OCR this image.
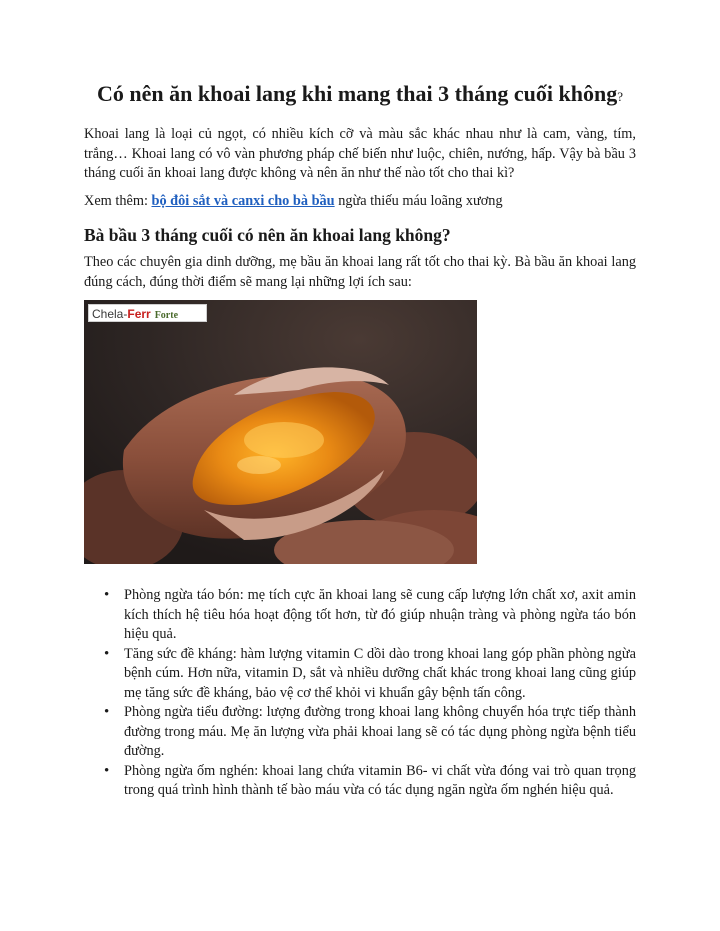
Có nên ăn khoai lang khi mang thai 3 tháng cuối không?

Khoai lang là loại củ ngọt, có nhiều kích cỡ và màu sắc khác nhau như là cam, vàng, tím, trắng… Khoai lang có vô vàn phương pháp chế biến như luộc, chiên, nướng, hấp. Vậy bà bầu 3 tháng cuối ăn khoai lang được không và nên ăn như thế nào tốt cho thai kì?

Xem thêm: bộ đôi sắt và canxi cho bà bầu ngừa thiếu máu loãng xương

Bà bầu 3 tháng cuối có nên ăn khoai lang không?

Theo các chuyên gia dinh dưỡng, mẹ bầu ăn khoai lang rất tốt cho thai kỳ. Bà bầu ăn khoai lang đúng cách, đúng thời điểm sẽ mang lại những lợi ích sau:

Chela-Ferr Forte
• Phòng ngừa táo bón: mẹ tích cực ăn khoai lang sẽ cung cấp lượng lớn chất xơ, axit amin kích thích hệ tiêu hóa hoạt động tốt hơn, từ đó giúp nhuận tràng và phòng ngừa táo bón hiệu quả.
• Tăng sức đề kháng: hàm lượng vitamin C dồi dào trong khoai lang góp phần phòng ngừa bệnh cúm. Hơn nữa, vitamin D, sắt và nhiều dưỡng chất khác trong khoai lang cũng giúp mẹ tăng sức đề kháng, bảo vệ cơ thể khỏi vi khuẩn gây bệnh tấn công.
• Phòng ngừa tiểu đường: lượng đường trong khoai lang không chuyển hóa trực tiếp thành đường trong máu. Mẹ ăn lượng vừa phải khoai lang sẽ có tác dụng phòng ngừa bệnh tiểu đường.
• Phòng ngừa ốm nghén: khoai lang chứa vitamin B6- vi chất vừa đóng vai trò quan trọng trong quá trình hình thành tế bào máu vừa có tác dụng ngăn ngừa ốm nghén hiệu quả.
